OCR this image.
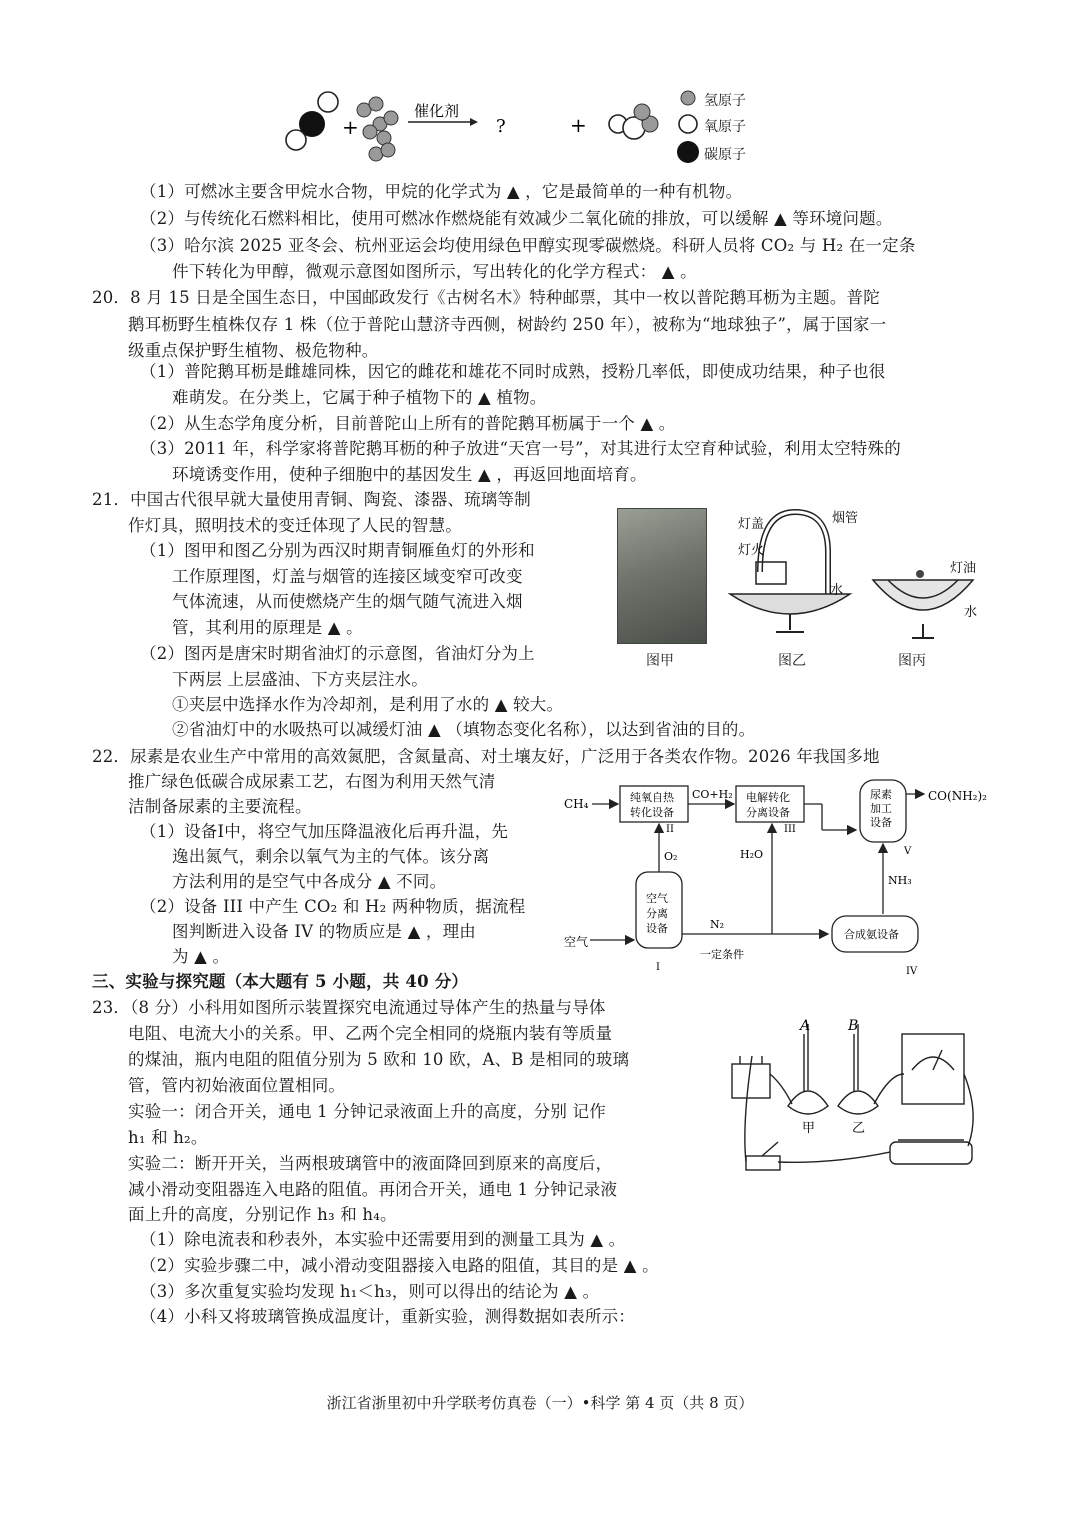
+
催化剂
?	+
氢原子
氧原子
碳原子
（1）可燃冰主要含甲烷水合物，甲烷的化学式为 ▲ ，它是最简单的一种有机物。
（2）与传统化石燃料相比，使用可燃冰作燃烧能有效减少二氧化硫的排放，可以缓解 ▲ 等环境问题。
（3）哈尔滨 2025 亚冬会、杭州亚运会均使用绿色甲醇实现零碳燃烧。科研人员将 CO₂ 与 H₂ 在一定条
件下转化为甲醇，微观示意图如图所示，写出转化的化学方程式： ▲ 。
20．8 月 15 日是全国生态日，中国邮政发行《古树名木》特种邮票，其中一枚以普陀鹅耳枥为主题。普陀
鹅耳枥野生植株仅存 1 株（位于普陀山慧济寺西侧，树龄约 250 年），被称为“地球独子”，属于国家一
级重点保护野生植物、极危物种。
（1）普陀鹅耳枥是雌雄同株，因它的雌花和雄花不同时成熟，授粉几率低，即使成功结果，种子也很
难萌发。在分类上，它属于种子植物下的 ▲ 植物。
（2）从生态学角度分析，目前普陀山上所有的普陀鹅耳枥属于一个 ▲ 。
（3）2011 年，科学家将普陀鹅耳枥的种子放进“天宫一号”，对其进行太空育种试验，利用太空特殊的
环境诱变作用，使种子细胞中的基因发生 ▲ ，再返回地面培育。
21．中国古代很早就大量使用青铜、陶瓷、漆器、琉璃等制
作灯具，照明技术的变迁体现了人民的智慧。
（1）图甲和图乙分别为西汉时期青铜雁鱼灯的外形和
工作原理图，灯盖与烟管的连接区域变窄可改变
气体流速，从而使燃烧产生的烟气随气流进入烟
管，其利用的原理是 ▲ 。
（2）图丙是唐宋时期省油灯的示意图，省油灯分为上
下两层 上层盛油、下方夹层注水。
①夹层中选择水作为冷却剂，是利用了水的 ▲ 较大。
②省油灯中的水吸热可以减缓灯油 ▲ （填物态变化名称），以达到省油的目的。
灯盖	烟管
灯火
水
灯油
水
图甲	图乙	图丙
22．尿素是农业生产中常用的高效氮肥，含氮量高、对土壤友好，广泛用于各类农作物。2026 年我国多地
推广绿色低碳合成尿素工艺，右图为利用天然气清
洁制备尿素的主要流程。
（1）设备Ⅰ中，将空气加压降温液化后再升温，先
逸出氮气，剩余以氧气为主的气体。该分离
方法利用的是空气中各成分 ▲ 不同。
（2）设备 III 中产生 CO₂ 和 H₂ 两种物质，据流程
图判断进入设备 IV 的物质应是 ▲ ，理由
为 ▲ 。
CH₄	纯氧自热
转化设备
CO+H₂ 电解转化
分离设备
尿素
加工
设备
CO(NH₂)₂
H₂O
O₂
NH₃
空气
分离
设备
空气
N₂
一定条件
合成氨设备
II	III
V
I	IV
三、实验与探究题（本大题有 5 小题，共 40 分）
23．（8 分）小科用如图所示装置探究电流通过导体产生的热量与导体
电阻、电流大小的关系。甲、乙两个完全相同的烧瓶内装有等质量
的煤油，瓶内电阻的阻值分别为 5 欧和 10 欧，A、B 是相同的玻璃
管，管内初始液面位置相同。
实验一：闭合开关，通电 1 分钟记录液面上升的高度，分别 记作
h₁ 和 h₂。
实验二：断开开关，当两根玻璃管中的液面降回到原来的高度后，
减小滑动变阻器连入电路的阻值。再闭合开关，通电 1 分钟记录液
面上升的高度，分别记作 h₃ 和 h₄。
（1）除电流表和秒表外，本实验中还需要用到的测量工具为 ▲ 。
（2）实验步骤二中，减小滑动变阻器接入电路的阻值，其目的是 ▲ 。
（3）多次重复实验均发现 h₁＜h₃，则可以得出的结论为 ▲ 。
（4）小科又将玻璃管换成温度计，重新实验，测得数据如表所示：
A	B
甲	乙
浙江省浙里初中升学联考仿真卷（一）•科学 第 4 页（共 8 页）
